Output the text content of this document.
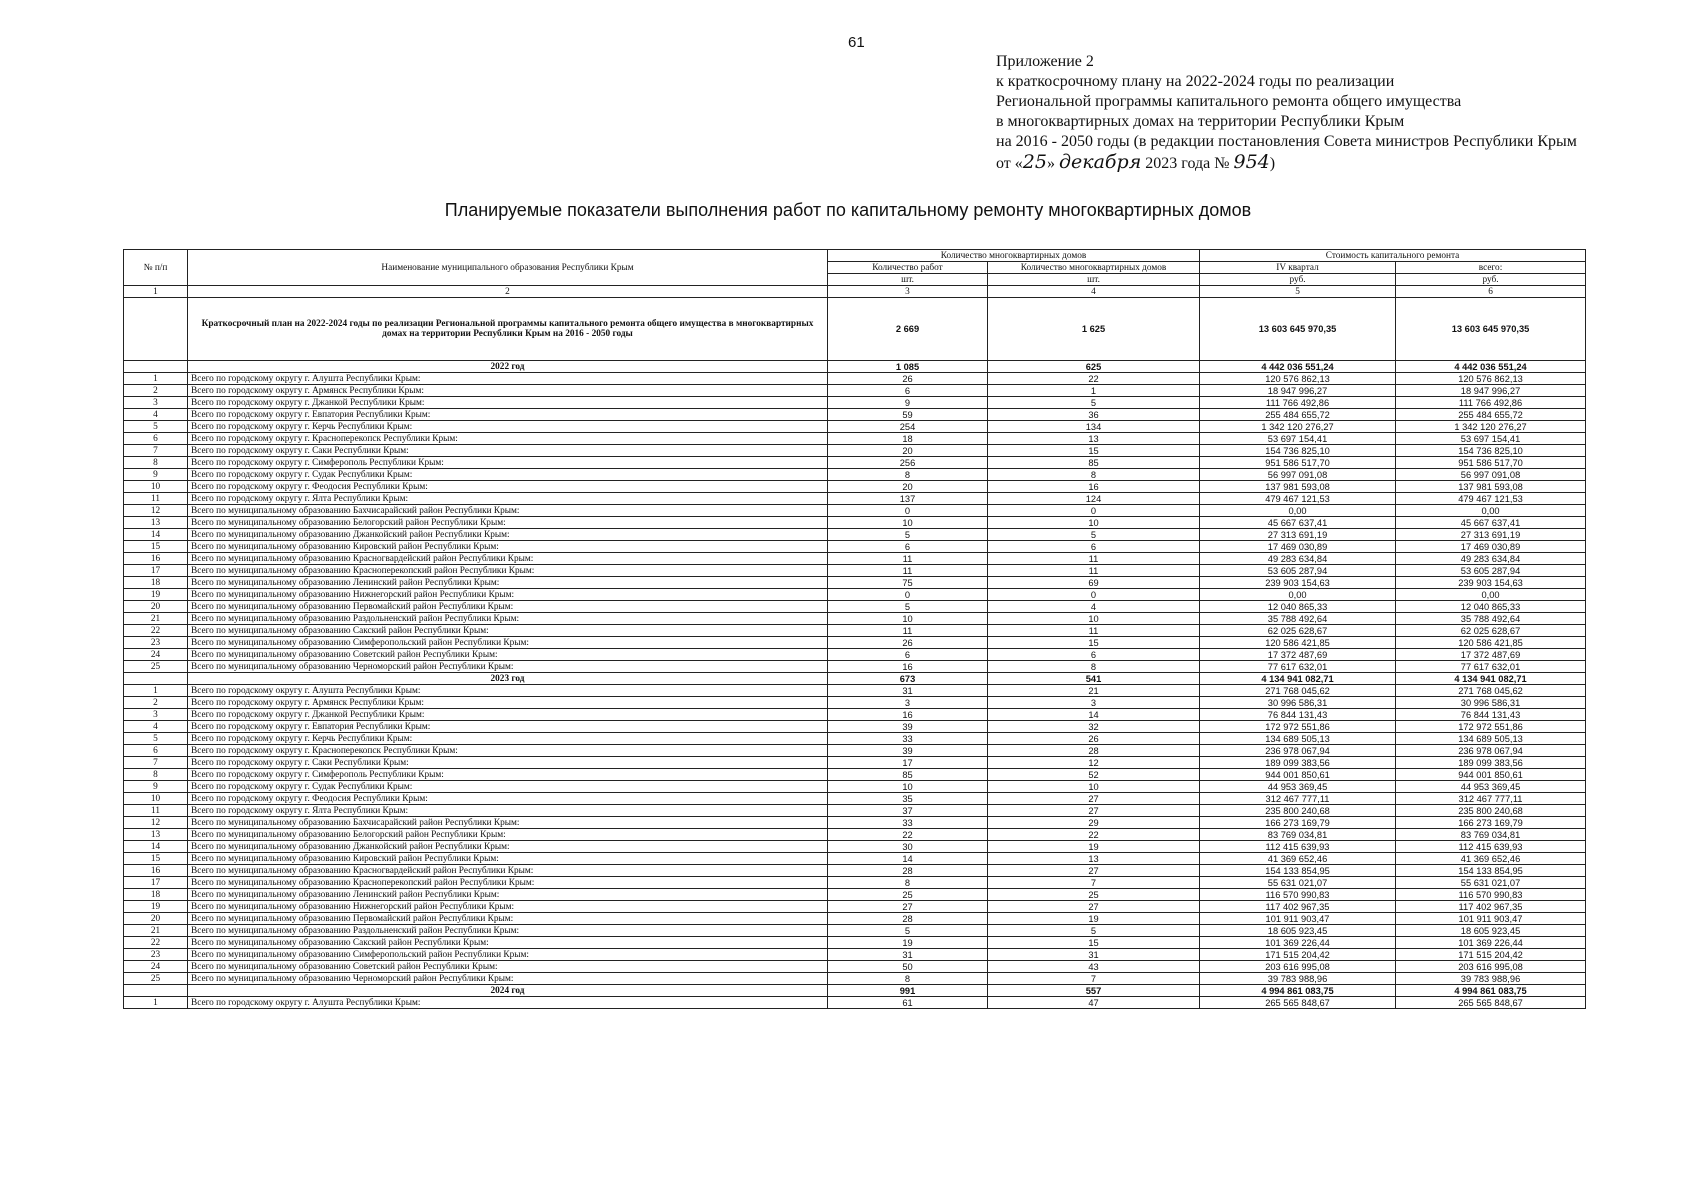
61
Приложение 2
к краткосрочному плану на 2022-2024 годы по реализации
Региональной программы капитального ремонта общего имущества
в многоквартирных домах на территории Республики Крым
на 2016 - 2050 годы (в редакции постановления Совета министров Республики Крым
от «25» декабря 2023 года № 954)
Планируемые показатели выполнения работ по капитальному ремонту многоквартирных домов
№ п/п	Наименование муниципального образования Республики Крым	Количество многоквартирных домов		Стоимость капитального ремонта	
		Количество работ	Количество многоквартирных домов	IV квартал	всего:
		шт.	шт.	руб.	руб.
1	2	3	4	5	6
	Краткосрочный план на 2022-2024 годы по реализации Региональной программы капитального ремонта общего имущества в многоквартирных домах на территории Республики Крым на 2016 - 2050 годы	2 669	1 625	13 603 645 970,35	13 603 645 970,35
	2022 год	1 085	625	4 442 036 551,24	4 442 036 551,24
1	Всего по городскому округу г. Алушта Республики Крым:	26	22	120 576 862,13	120 576 862,13
2	Всего по городскому округу г. Армянск Республики Крым:	6	1	18 947 996,27	18 947 996,27
3	Всего по городскому округу г. Джанкой Республики Крым:	9	5	111 766 492,86	111 766 492,86
4	Всего по городскому округу г. Евпатория Республики Крым:	59	36	255 484 655,72	255 484 655,72
5	Всего по городскому округу г. Керчь Республики Крым:	254	134	1 342 120 276,27	1 342 120 276,27
6	Всего по городскому округу г. Красноперекопск Республики Крым:	18	13	53 697 154,41	53 697 154,41
7	Всего по городскому округу г. Саки Республики Крым:	20	15	154 736 825,10	154 736 825,10
8	Всего по городскому округу г. Симферополь Республики Крым:	256	85	951 586 517,70	951 586 517,70
9	Всего по городскому округу г. Судак Республики Крым:	8	8	56 997 091,08	56 997 091,08
10	Всего по городскому округу г. Феодосия Республики Крым:	20	16	137 981 593,08	137 981 593,08
11	Всего по городскому округу г. Ялта Республики Крым:	137	124	479 467 121,53	479 467 121,53
12	Всего по муниципальному образованию Бахчисарайский район Республики Крым:	0	0	0,00	0,00
13	Всего по муниципальному образованию Белогорский район Республики Крым:	10	10	45 667 637,41	45 667 637,41
14	Всего по муниципальному образованию Джанкойский район Республики Крым:	5	5	27 313 691,19	27 313 691,19
15	Всего по муниципальному образованию Кировский район Республики Крым:	6	6	17 469 030,89	17 469 030,89
16	Всего по муниципальному образованию Красногвардейский район Республики Крым:	11	11	49 283 634,84	49 283 634,84
17	Всего по муниципальному образованию Красноперекопский район Республики Крым:	11	11	53 605 287,94	53 605 287,94
18	Всего по муниципальному образованию Ленинский район Республики Крым:	75	69	239 903 154,63	239 903 154,63
19	Всего по муниципальному образованию Нижнегорский район Республики Крым:	0	0	0,00	0,00
20	Всего по муниципальному образованию Первомайский район Республики Крым:	5	4	12 040 865,33	12 040 865,33
21	Всего по муниципальному образованию Раздольненский район Республики Крым:	10	10	35 788 492,64	35 788 492,64
22	Всего по муниципальному образованию Сакский район Республики Крым:	11	11	62 025 628,67	62 025 628,67
23	Всего по муниципальному образованию Симферопольский район Республики Крым:	26	15	120 586 421,85	120 586 421,85
24	Всего по муниципальному образованию Советский район Республики Крым:	6	6	17 372 487,69	17 372 487,69
25	Всего по муниципальному образованию Черноморский район Республики Крым:	16	8	77 617 632,01	77 617 632,01
	2023 год	673	541	4 134 941 082,71	4 134 941 082,71
1	Всего по городскому округу г. Алушта Республики Крым:	31	21	271 768 045,62	271 768 045,62
2	Всего по городскому округу г. Армянск Республики Крым:	3	3	30 996 586,31	30 996 586,31
3	Всего по городскому округу г. Джанкой Республики Крым:	16	14	76 844 131,43	76 844 131,43
4	Всего по городскому округу г. Евпатория Республики Крым:	39	32	172 972 551,86	172 972 551,86
5	Всего по городскому округу г. Керчь Республики Крым:	33	26	134 689 505,13	134 689 505,13
6	Всего по городскому округу г. Красноперекопск Республики Крым:	39	28	236 978 067,94	236 978 067,94
7	Всего по городскому округу г. Саки Республики Крым:	17	12	189 099 383,56	189 099 383,56
8	Всего по городскому округу г. Симферополь Республики Крым:	85	52	944 001 850,61	944 001 850,61
9	Всего по городскому округу г. Судак Республики Крым:	10	10	44 953 369,45	44 953 369,45
10	Всего по городскому округу г. Феодосия Республики Крым:	35	27	312 467 777,11	312 467 777,11
11	Всего по городскому округу г. Ялта Республики Крым:	37	27	235 800 240,68	235 800 240,68
12	Всего по муниципальному образованию Бахчисарайский район Республики Крым:	33	29	166 273 169,79	166 273 169,79
13	Всего по муниципальному образованию Белогорский район Республики Крым:	22	22	83 769 034,81	83 769 034,81
14	Всего по муниципальному образованию Джанкойский район Республики Крым:	30	19	112 415 639,93	112 415 639,93
15	Всего по муниципальному образованию Кировский район Республики Крым:	14	13	41 369 652,46	41 369 652,46
16	Всего по муниципальному образованию Красногвардейский район Республики Крым:	28	27	154 133 854,95	154 133 854,95
17	Всего по муниципальному образованию Красноперекопский район Республики Крым:	8	7	55 631 021,07	55 631 021,07
18	Всего по муниципальному образованию Ленинский район Республики Крым:	25	25	116 570 990,83	116 570 990,83
19	Всего по муниципальному образованию Нижнегорский район Республики Крым:	27	27	117 402 967,35	117 402 967,35
20	Всего по муниципальному образованию Первомайский район Республики Крым:	28	19	101 911 903,47	101 911 903,47
21	Всего по муниципальному образованию Раздольненский район Республики Крым:	5	5	18 605 923,45	18 605 923,45
22	Всего по муниципальному образованию Сакский район Республики Крым:	19	15	101 369 226,44	101 369 226,44
23	Всего по муниципальному образованию Симферопольский район Республики Крым:	31	31	171 515 204,42	171 515 204,42
24	Всего по муниципальному образованию Советский район Республики Крым:	50	43	203 616 995,08	203 616 995,08
25	Всего по муниципальному образованию Черноморский район Республики Крым:	8	7	39 783 988,96	39 783 988,96
	2024 год	991	557	4 994 861 083,75	4 994 861 083,75
1	Всего по городскому округу г. Алушта Республики Крым:	61	47	265 565 848,67	265 565 848,67
